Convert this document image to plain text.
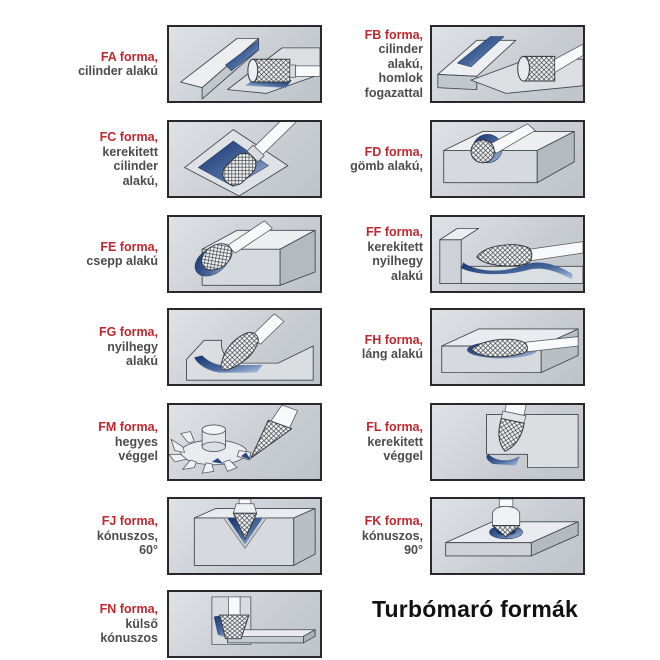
FA forma,
cilinder alakú
FB forma,
cilinder
alakú,
homlok
fogazattal
FC forma,
kerekitett
cilinder
alakú,
FD forma,
gömb alakú,
FE forma,
csepp alakú
FF forma,
kerekitett
nyilhegy
alakú
FG forma,
nyilhegy
alakú
FH forma,
láng alakú
FM forma,
hegyes
véggel
FL forma,
kerekitett
véggel
FJ forma,
kónuszos,
60°
FK forma,
kónuszos,
90°
FN forma,
külső
kónuszos
Turbómaró formák
